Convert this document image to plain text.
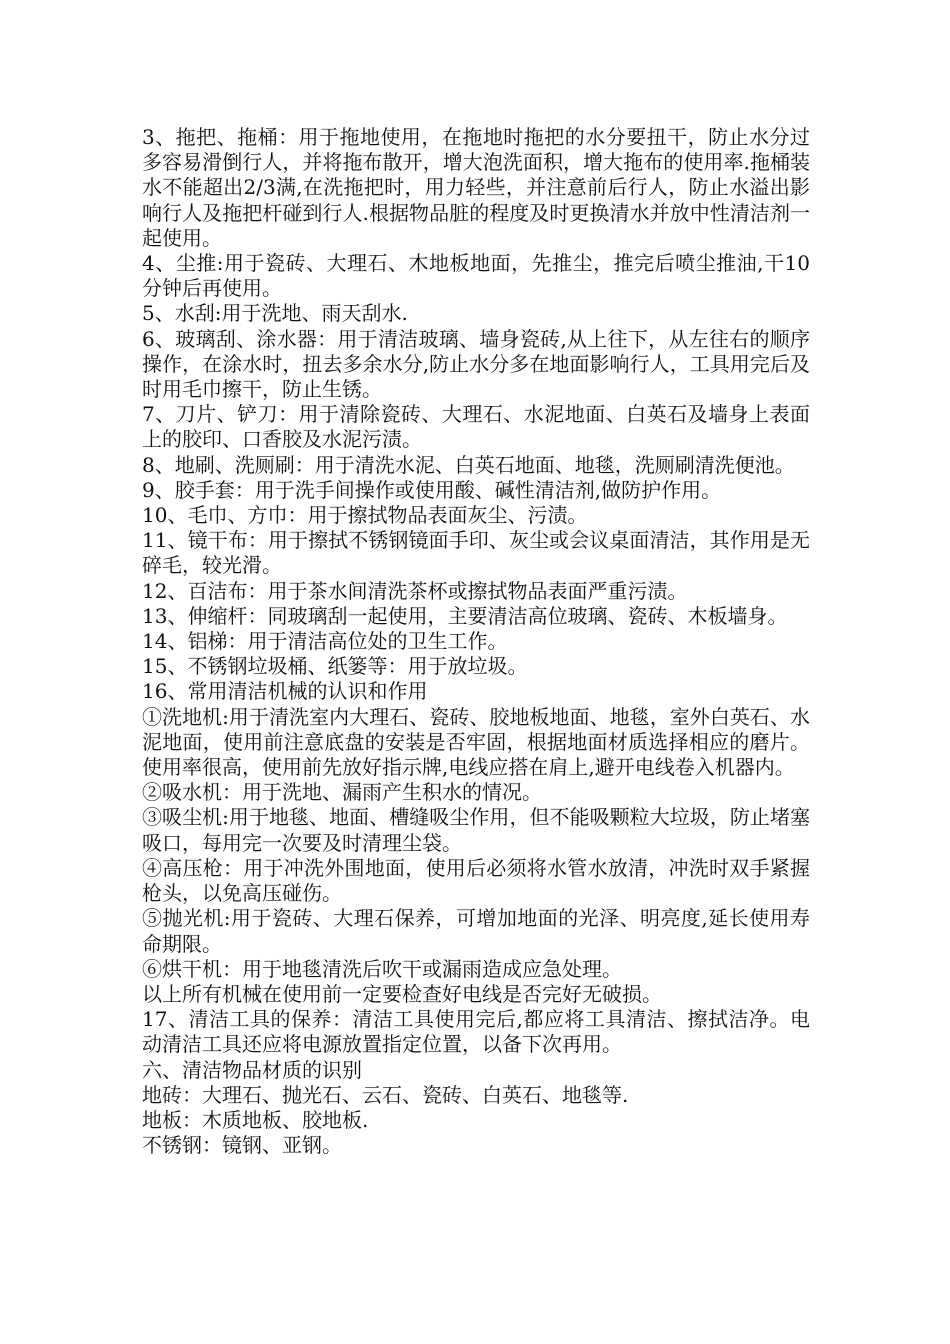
3、拖把、拖桶：用于拖地使用，在拖地时拖把的水分要扭干，防止水分过多容易滑倒行人，并将拖布散开，增大泡洗面积，增大拖布的使用率.拖桶装水不能超出2/3满,在洗拖把时，用力轻些，并注意前后行人，防止水溢出影响行人及拖把杆碰到行人.根据物品脏的程度及时更换清水并放中性清洁剂一起使用。

4、尘推:用于瓷砖、大理石、木地板地面，先推尘，推完后喷尘推油,干10分钟后再使用。

5、水刮:用于洗地、雨天刮水.

6、玻璃刮、涂水器：用于清洁玻璃、墙身瓷砖,从上往下，从左往右的顺序操作，在涂水时，扭去多余水分,防止水分多在地面影响行人，工具用完后及时用毛巾擦干，防止生锈。

7、刀片、铲刀：用于清除瓷砖、大理石、水泥地面、白英石及墙身上表面上的胶印、口香胶及水泥污渍。

8、地刷、洗厕刷：用于清洗水泥、白英石地面、地毯，洗厕刷清洗便池。

9、胶手套：用于洗手间操作或使用酸、碱性清洁剂,做防护作用。

10、毛巾、方巾：用于擦拭物品表面灰尘、污渍。

11、镜干布：用于擦拭不锈钢镜面手印、灰尘或会议桌面清洁，其作用是无碎毛，较光滑。

12、百洁布：用于茶水间清洗茶杯或擦拭物品表面严重污渍。

13、伸缩杆：同玻璃刮一起使用，主要清洁高位玻璃、瓷砖、木板墙身。

14、铝梯：用于清洁高位处的卫生工作。

15、不锈钢垃圾桶、纸篓等：用于放垃圾。

16、常用清洁机械的认识和作用

①洗地机:用于清洗室内大理石、瓷砖、胶地板地面、地毯，室外白英石、水泥地面，使用前注意底盘的安装是否牢固，根据地面材质选择相应的磨片。使用率很高，使用前先放好指示牌,电线应搭在肩上,避开电线卷入机器内。

②吸水机：用于洗地、漏雨产生积水的情况。

③吸尘机:用于地毯、地面、槽缝吸尘作用，但不能吸颗粒大垃圾，防止堵塞吸口，每用完一次要及时清理尘袋。

④高压枪：用于冲洗外围地面，使用后必须将水管水放清，冲洗时双手紧握枪头，以免高压碰伤。

⑤抛光机:用于瓷砖、大理石保养，可增加地面的光泽、明亮度,延长使用寿命期限。

⑥烘干机：用于地毯清洗后吹干或漏雨造成应急处理。

以上所有机械在使用前一定要检查好电线是否完好无破损。

17、清洁工具的保养：清洁工具使用完后,都应将工具清洁、擦拭洁净。电动清洁工具还应将电源放置指定位置，以备下次再用。

六、清洁物品材质的识别

地砖：大理石、抛光石、云石、瓷砖、白英石、地毯等.

地板：木质地板、胶地板.

不锈钢：镜钢、亚钢。
